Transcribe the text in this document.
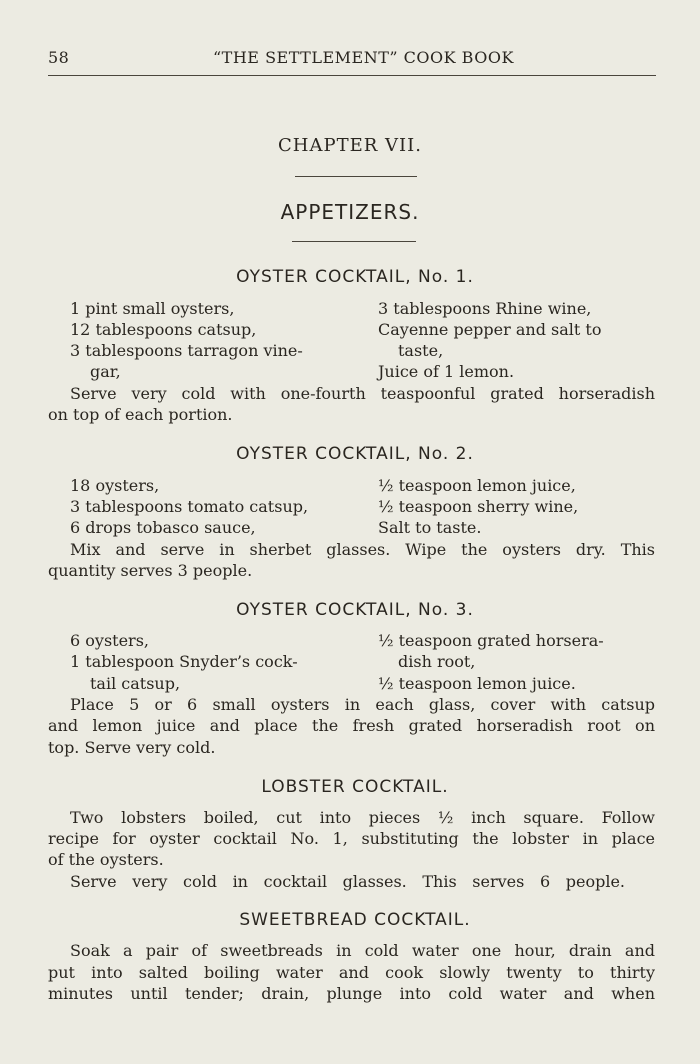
58	“THE SETTLEMENT” COOK BOOK
CHAPTER VII.
APPETIZERS.
OYSTER COCKTAIL, No. 1.
1 pint small oysters,
12 tablespoons catsup,
3 tablespoons tarragon vine-
gar,
3 tablespoons Rhine wine,
Cayenne pepper and salt to
taste,
Juice of 1 lemon.
Serve very cold with one-fourth teaspoonful grated horseradish
on top of each portion.
OYSTER COCKTAIL, No. 2.
18 oysters,
3 tablespoons tomato catsup,
6 drops tobasco sauce,
½ teaspoon lemon juice,
½ teaspoon sherry wine,
Salt to taste.
Mix and serve in sherbet glasses. Wipe the oysters dry. This
quantity serves 3 people.
OYSTER COCKTAIL, No. 3.
6 oysters,
1 tablespoon Snyder’s cock-
tail catsup,
½ teaspoon grated horsera-
dish root,
½ teaspoon lemon juice.
Place 5 or 6 small oysters in each glass, cover with catsup
and lemon juice and place the fresh grated horseradish root on
top. Serve very cold.
LOBSTER COCKTAIL.
Two lobsters boiled, cut into pieces ½ inch square. Follow
recipe for oyster cocktail No. 1, substituting the lobster in place
of the oysters.
Serve very cold in cocktail glasses. This serves 6 people.
SWEETBREAD COCKTAIL.
Soak a pair of sweetbreads in cold water one hour, drain and
put into salted boiling water and cook slowly twenty to thirty
minutes until tender; drain, plunge into cold water and when
